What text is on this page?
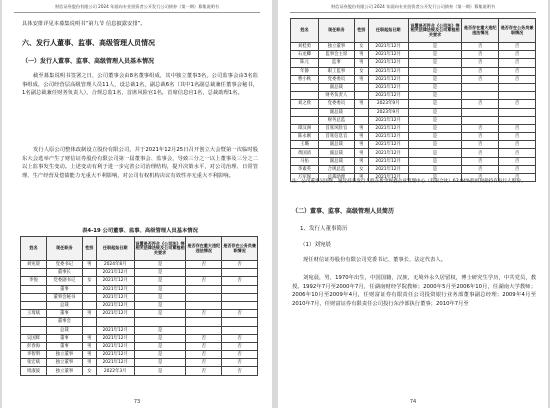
财信证券股份有限公司 2024 年面向专业投资者公开发行公司债券（第一期）募集说明书
具体安排详见本募集说明书“第九节 信息披露安排”。
六、发行人董事、监事、高级管理人员情况
（一）发行人董事、监事、高级管理人员基本情况
截至募集说明书签署之日，公司董事会由8名董事组成，其中独立董事3名，公司监事会由3名监事组成，公司经营层高级管理人员11人，设总裁1名，副总裁6名（其中1名副总裁兼任董事会秘书，1名副总裁兼任财务负责人），合规总监1名，首席风险官1名，首席信息官1名，总裁助理1名。
发行人原公司整体改制设立股份有限公司，并于2021年12月25日召开创立大会暨第一次临时股东大会选举产生了财信证券股份有限公司第一届董事会、监事会，导致三分之一以上董事及三分之二以上监事发生变动。上述变动有利于进一步完善公司治理结构，提升决策水平，对公司治理、日常管理、生产经营及偿债能力无重大不利影响，对公司有权机构决议有效性亦无重大不利影响。
表4-19 公司董事、监事、高级管理人员基本情况
姓名	现任职务	性别	任职起始日期	设置是否符合《公司法》等相关法律法规及公司章程相关要求	是否存在重大违纪违法情况	是否存在公务员兼职情况
刘宛晨	党委书记	男	2024年8月	是	否	否
	董事长		2021年12月	是		
李悦	党委副书记	女	2021年12月	是	否	否
	董事		2021年12月	是		
	董事会秘书		2021年12月	是		
	总裁		2021年12月	是		
王琦斌	董事	男	2021年12月	是	否	否
	董事会					
	总裁		2021年12月	是		
吴国辉	董事	男	2021年12月	是	否	否
彭春海	董事	男	2021年12月	是	否	否
李智明	独立董事	男	2021年12月	是	否	否
张宏斌	独立董事	男	2021年12月	是	否	否
周淑波	独立董事	女	2022年3月	是	否	否
73
财信证券股份有限公司 2024 年面向专业投资者公开发行公司债券（第一期）募集说明书
姓名	现任职务	性别	任职起始日期	设置是否符合《公司法》等相关法律法规及公司章程相关要求	是否存在重大违纪违法情况	是否存在公务员兼职情况
刘桂勇	独立董事	女	2021年12月	是	否	否
石龙卿	监事会主席	男	2021年12月	是	否	否
陈元	监事	男	2021年12月	是	否	否
年静	职工监事	女	2021年12月	是	否	否
曹小秋	党委委员	男	2021年12月	是	否	否
	副总裁		2021年12月	是		
	财务负责人		2021年12月	是		
刘之欣	党委委员	男	2023年9月	是	否	否
	副总裁		2023年9月	是		
	财务总监		2021年12月	是		
谭汉洲	首席风险官	男	2021年12月	是	否	否
陈永刚	首席信息官	男	2021年12月	是	否	否
王璐	副总裁	男	2021年12月	是	否	否
黄国清	副总裁	男	2021年12月	是	否	否
马佑	副总裁	男	2021年12月	是	否	否
李素英	合规总监	女	2021年12月	是	否	否
万军保	总裁助理	男	2021年12月	是	否	否
注：公司董事吴国辉、通过持有发行人股东新余财鑫企业管理中心（有限合伙）63.84%股权间接持有发行人股份。
（二）董事、监事、高级管理人员简历
1、发行人董事简历
（1）刘宛晨
现任财信证券股份有限公司党委书记、董事长、法定代表人。
刘宛晨，男，1970年出生，中国国籍，汉族，无境外永久居留权，博士研究生学历，中共党员，教授。1992年7月至2000年7月，任湖南财经学院教师；2000年5月至2006年10月，任湖南大学教师；2006年10月至2009年4月，任财富证券有限责任公司投资银行业务部董事副总经理；2009年4月至2010年7月，任财富证券有限责任公司投行东沙部执行董事；2010年7月至
74
